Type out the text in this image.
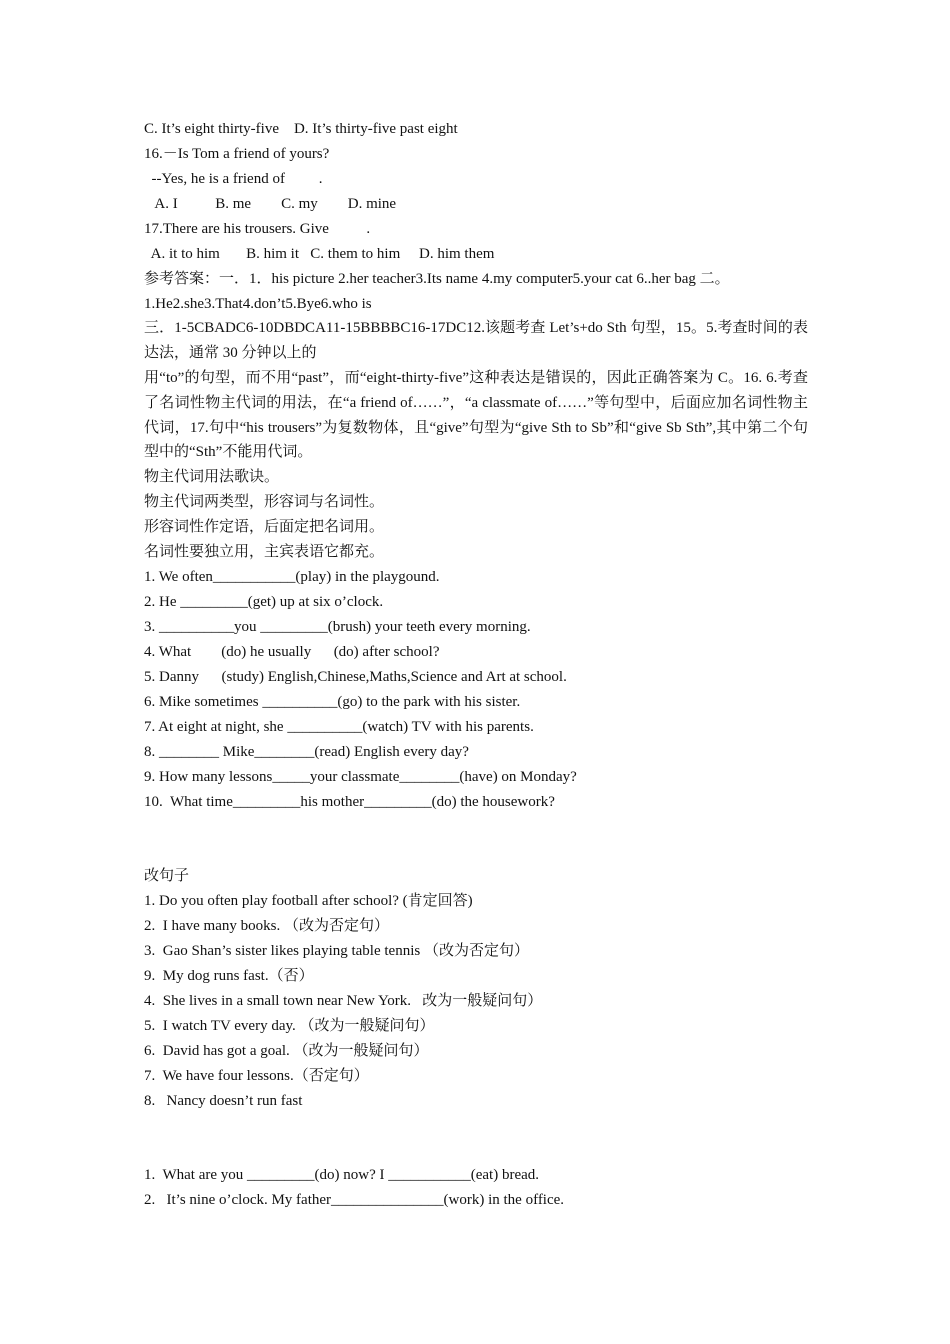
C. It’s eight thirty-five    D. It’s thirty-five past eight
16.－Is Tom a friend of yours?
--Yes, he is a friend of         .
A. I          B. me        C. my        D. mine
17.There are his trousers. Give          .
A. it to him       B. him it   C. them to him     D. him them
参考答案：一．1．his picture 2.her teacher3.Its name 4.my computer5.your cat 6..her bag 二。
1.He2.she3.That4.don’t5.Bye6.who is
三．1-5CBADC6-10DBDCA11-15BBBBC16-17DC12.该题考查 Let’s+do Sth 句型，15。5.考查时间的表达法，通常 30 分钟以上的
用“to”的句型，而不用“past”，而“eight-thirty-five”这种表达是错误的，因此正确答案为 C。16. 6.考查了名词性物主代词的用法，在“a friend of……”，“a classmate of……”等句型中，后面应加名词性物主代词，17.句中“his trousers”为复数物体，且“give”句型为“give Sth to Sb”和“give Sb Sth”,其中第二个句型中的“Sth”不能用代词。
物主代词用法歌诀。
物主代词两类型，形容词与名词性。
形容词性作定语，后面定把名词用。
名词性要独立用，主宾表语它都充。
1. We often___________(play) in the playgound.
2. He _________(get) up at six o’clock.
3. __________you _________(brush) your teeth every morning.
4. What        (do) he usually      (do) after school?
5. Danny      (study) English,Chinese,Maths,Science and Art at school.
6. Mike sometimes __________(go) to the park with his sister.
7. At eight at night, she __________(watch) TV with his parents.
8. ________ Mike________(read) English every day?
9. How many lessons_____your classmate________(have) on Monday?
10.  What time_________his mother_________(do) the housework?
改句子
1. Do you often play football after school? (肯定回答)
2.  I have many books. （改为否定句）
3.  Gao Shan’s sister likes playing table tennis （改为否定句）
9.  My dog runs fast.（否）
4.  She lives in a small town near New York.   改为一般疑问句）
5.  I watch TV every day. （改为一般疑问句）
6.  David has got a goal. （改为一般疑问句）
7.  We have four lessons.（否定句）
8.   Nancy doesn’t run fast
1.  What are you _________(do) now? I ___________(eat) bread.
2.   It’s nine o’clock. My father_______________(work) in the office.
